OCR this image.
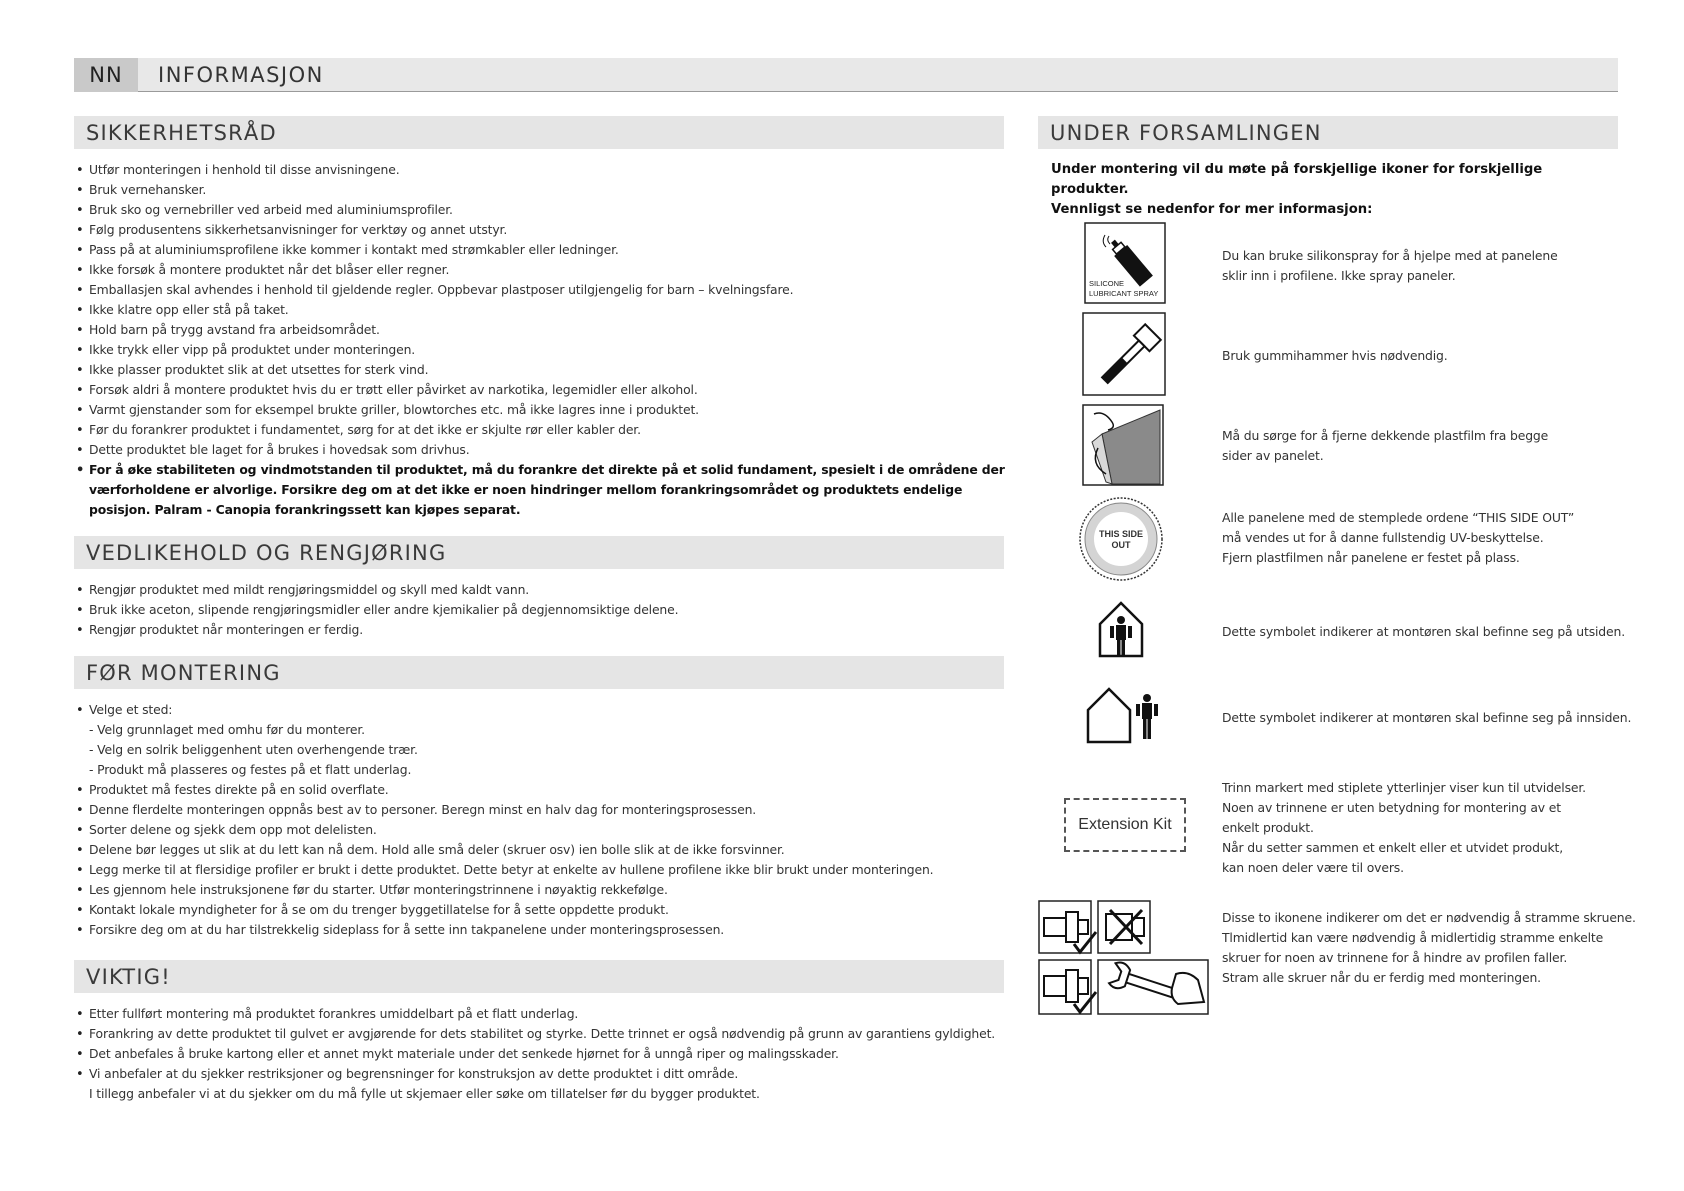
NN	INFORMASJON
SIKKERHETSRÅD
• Utfør monteringen i henhold til disse anvisningene.
• Bruk vernehansker.
• Bruk sko og vernebriller ved arbeid med aluminiumsprofiler.
• Følg produsentens sikkerhetsanvisninger for verktøy og annet utstyr.
• Pass på at aluminiumsprofilene ikke kommer i kontakt med strømkabler eller ledninger.
• Ikke forsøk å montere produktet når det blåser eller regner.
• Emballasjen skal avhendes i henhold til gjeldende regler. Oppbevar plastposer utilgjengelig for barn – kvelningsfare.
• Ikke klatre opp eller stå på taket.
• Hold barn på trygg avstand fra arbeidsområdet.
• Ikke trykk eller vipp på produktet under monteringen.
• Ikke plasser produktet slik at det utsettes for sterk vind.
• Forsøk aldri å montere produktet hvis du er trøtt eller påvirket av narkotika, legemidler eller alkohol.
• Varmt gjenstander som for eksempel brukte griller, blowtorches etc. må ikke lagres inne i produktet.
• Før du forankrer produktet i fundamentet, sørg for at det ikke er skjulte rør eller kabler der.
• Dette produktet ble laget for å brukes i hovedsak som drivhus.
• For å øke stabiliteten og vindmotstanden til produktet, må du forankre det direkte på et solid fundament, spesielt i de områdene der værforholdene er alvorlige. Forsikre deg om at det ikke er noen hindringer mellom forankringsområdet og produktets endelige posisjon. Palram - Canopia forankringssett kan kjøpes separat.
VEDLIKEHOLD OG RENGJØRING
• Rengjør produktet med mildt rengjøringsmiddel og skyll med kaldt vann.
• Bruk ikke aceton, slipende rengjøringsmidler eller andre kjemikalier på degjennomsiktige delene.
• Rengjør produktet når monteringen er ferdig.
FØR MONTERING
• Velge et sted:
- Velg grunnlaget med omhu før du monterer.
- Velg en solrik beliggenhent uten overhengende trær.
- Produkt må plasseres og festes på et flatt underlag.
• Produktet må festes direkte på en solid overflate.
• Denne flerdelte monteringen oppnås best av to personer. Beregn minst en halv dag for monteringsprosessen.
• Sorter delene og sjekk dem opp mot delelisten.
• Delene bør legges ut slik at du lett kan nå dem. Hold alle små deler (skruer osv) ien bolle slik at de ikke forsvinner.
• Legg merke til at flersidige profiler er brukt i dette produktet. Dette betyr at enkelte av hullene profilene ikke blir brukt under monteringen.
• Les gjennom hele instruksjonene før du starter. Utfør monteringstrinnene i nøyaktig rekkefølge.
• Kontakt lokale myndigheter for å se om du trenger byggetillatelse for å sette oppdette produkt.
• Forsikre deg om at du har tilstrekkelig sideplass for å sette inn takpanelene under monteringsprosessen.
VIKTIG!
• Etter fullført montering må produktet forankres umiddelbart på et flatt underlag.
• Forankring av dette produktet til gulvet er avgjørende for dets stabilitet og styrke. Dette trinnet er også nødvendig på grunn av garantiens gyldighet.
• Det anbefales å bruke kartong eller et annet mykt materiale under det senkede hjørnet for å unngå riper og malingsskader.
• Vi anbefaler at du sjekker restriksjoner og begrensninger for konstruksjon av dette produktet i ditt område.
I tillegg anbefaler vi at du sjekker om du må fylle ut skjemaer eller søke om tillatelser før du bygger produktet.
UNDER FORSAMLINGEN
Under montering vil du møte på forskjellige ikoner for forskjellige produkter.
Vennligst se nedenfor for mer informasjon:
SILICONE
LUBRICANT SPRAY
Du kan bruke silikonspray for å hjelpe med at panelene
sklir inn i profilene. Ikke spray paneler.
Bruk gummihammer hvis nødvendig.
Må du sørge for å fjerne dekkende plastfilm fra begge
sider av panelet.
THIS SIDE
OUT
Alle panelene med de stemplede ordene “THIS SIDE OUT”
må vendes ut for å danne fullstendig UV-beskyttelse.
Fjern plastfilmen når panelene er festet på plass.
Dette symbolet indikerer at montøren skal befinne seg på utsiden.
Dette symbolet indikerer at montøren skal befinne seg på innsiden.
Extension Kit
Trinn markert med stiplete ytterlinjer viser kun til utvidelser.
Noen av trinnene er uten betydning for montering av et
enkelt produkt.
Når du setter sammen et enkelt eller et utvidet produkt,
kan noen deler være til overs.
Disse to ikonene indikerer om det er nødvendig å stramme skruene.
Tlmidlertid kan være nødvendig å midlertidig stramme enkelte
skruer for noen av trinnene for å hindre av profilen faller.
Stram alle skruer når du er ferdig med monteringen.
